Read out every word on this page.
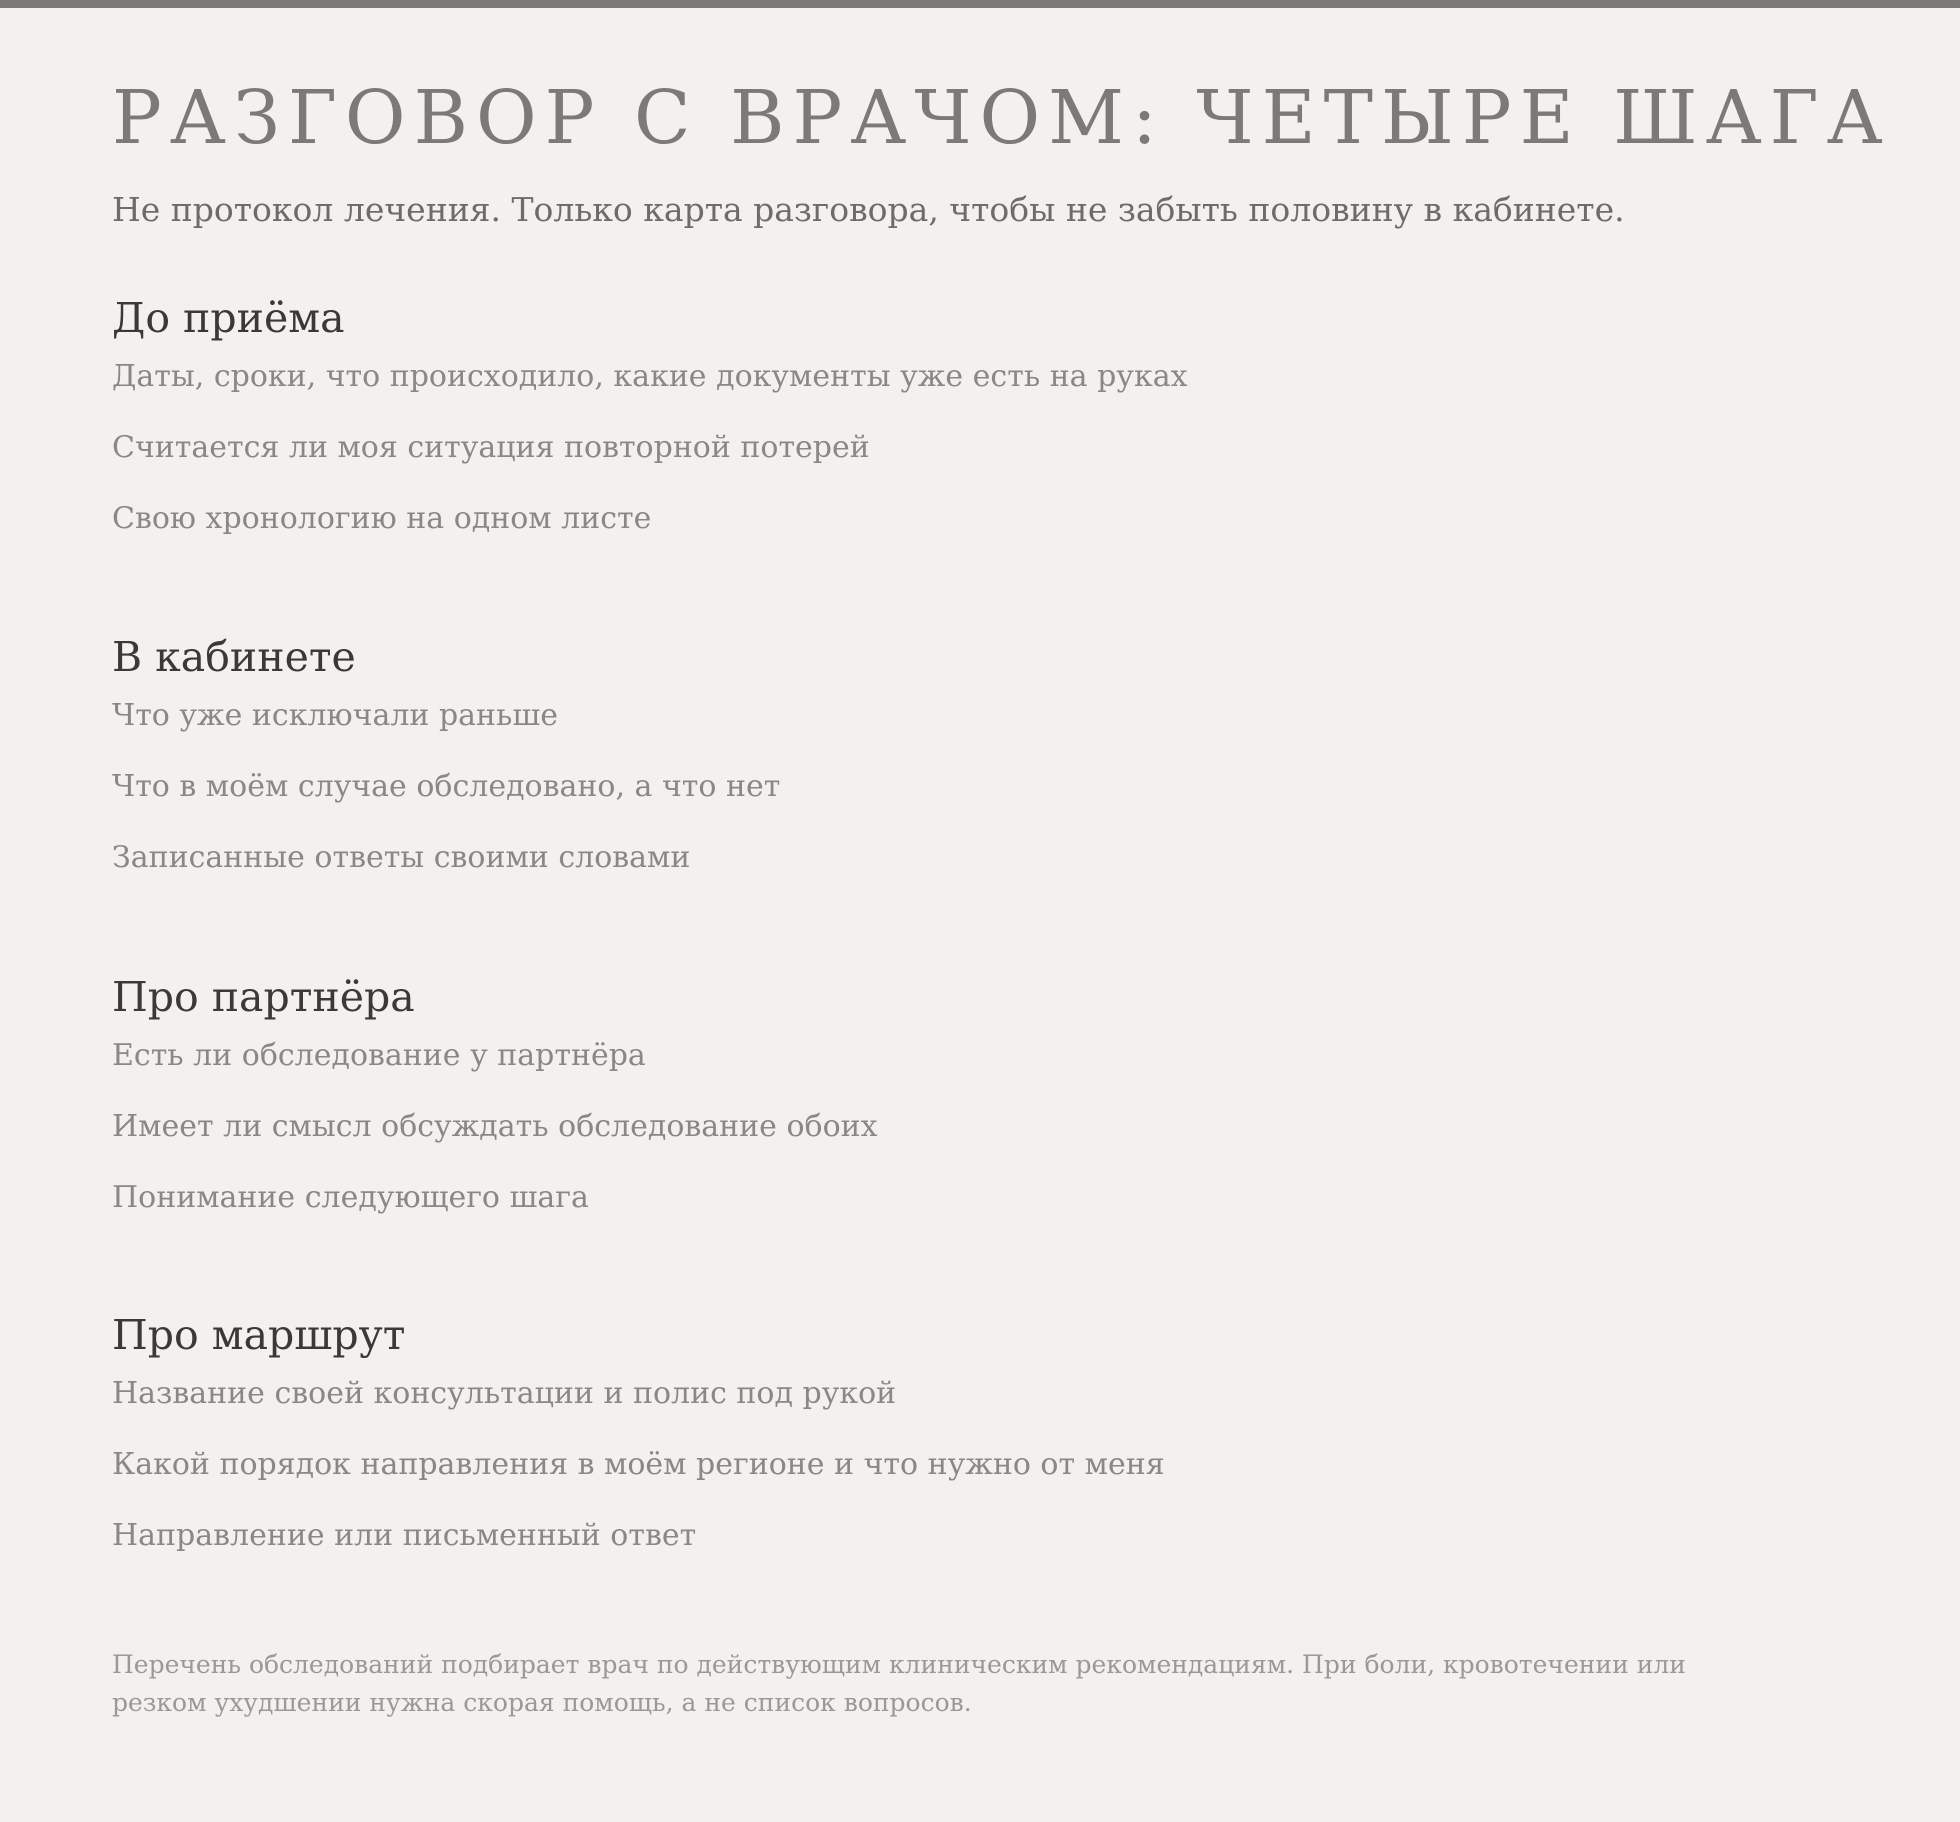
РАЗГОВОР С ВРАЧОМ: ЧЕТЫРЕ ШАГА

Не протокол лечения. Только карта разговора, чтобы не забыть половину в кабинете.

До приёма
Даты, сроки, что происходило, какие документы уже есть на руках
Считается ли моя ситуация повторной потерей
Свою хронологию на одном листе
В кабинете
Что уже исключали раньше
Что в моём случае обследовано, а что нет
Записанные ответы своими словами
Про партнёра
Есть ли обследование у партнёра
Имеет ли смысл обсуждать обследование обоих
Понимание следующего шага
Про маршрут
Название своей консультации и полис под рукой
Какой порядок направления в моём регионе и что нужно от меня
Направление или письменный ответ

Перечень обследований подбирает врач по действующим клиническим рекомендациям. При боли, кровотечении или резком ухудшении нужна скорая помощь, а не список вопросов.
